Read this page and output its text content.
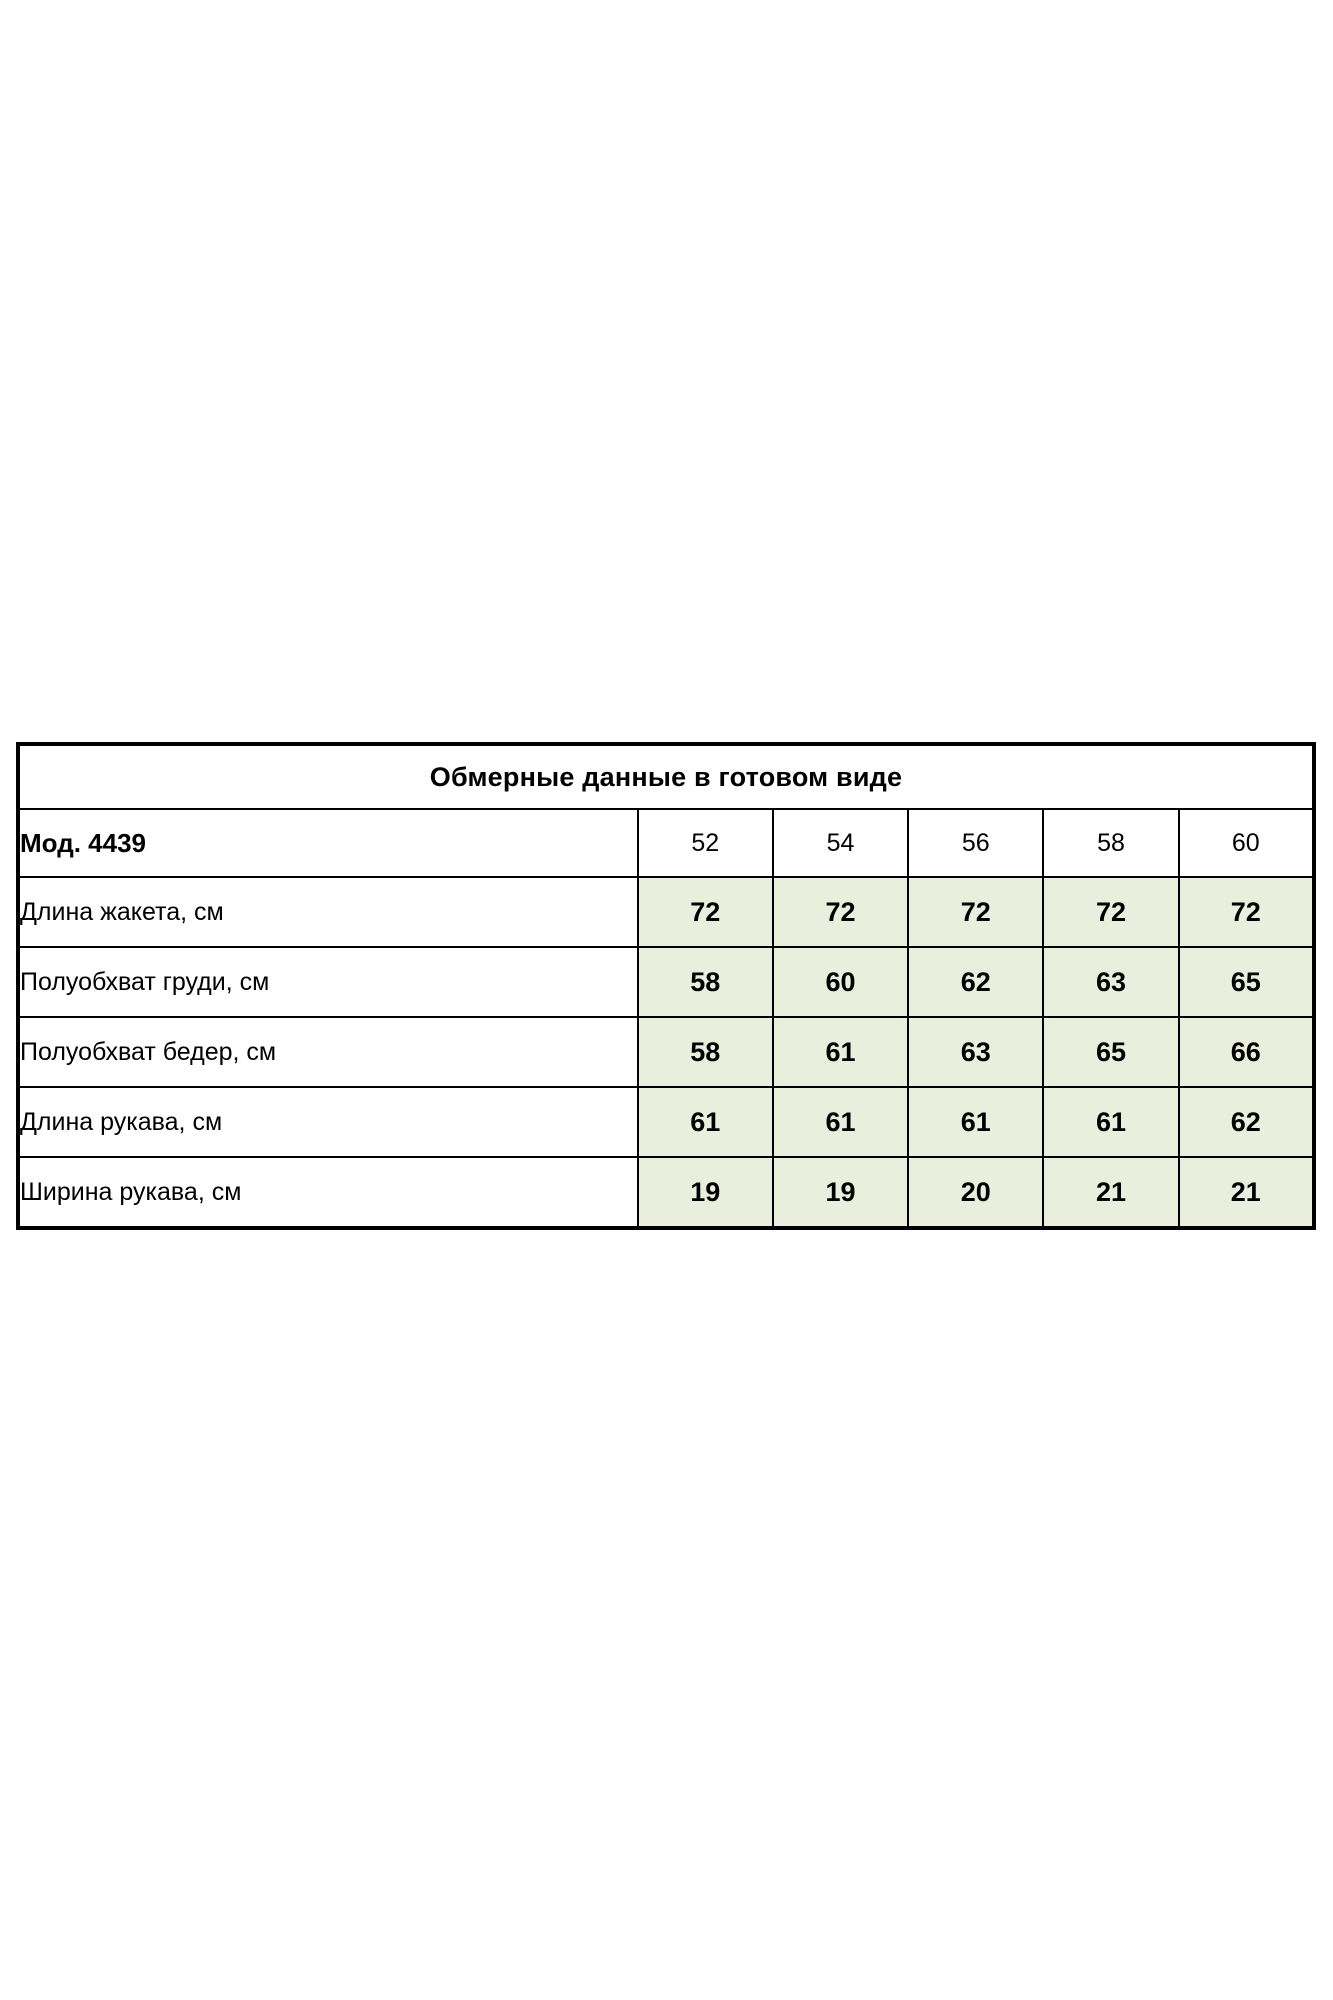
Обмерные данные в готовом виде					
Мод. 4439	52	54	56	58	60
Длина жакета, см	72	72	72	72	72
Полуобхват груди, см	58	60	62	63	65
Полуобхват бедер, см	58	61	63	65	66
Длина рукава, см	61	61	61	61	62
Ширина рукава, см	19	19	20	21	21
